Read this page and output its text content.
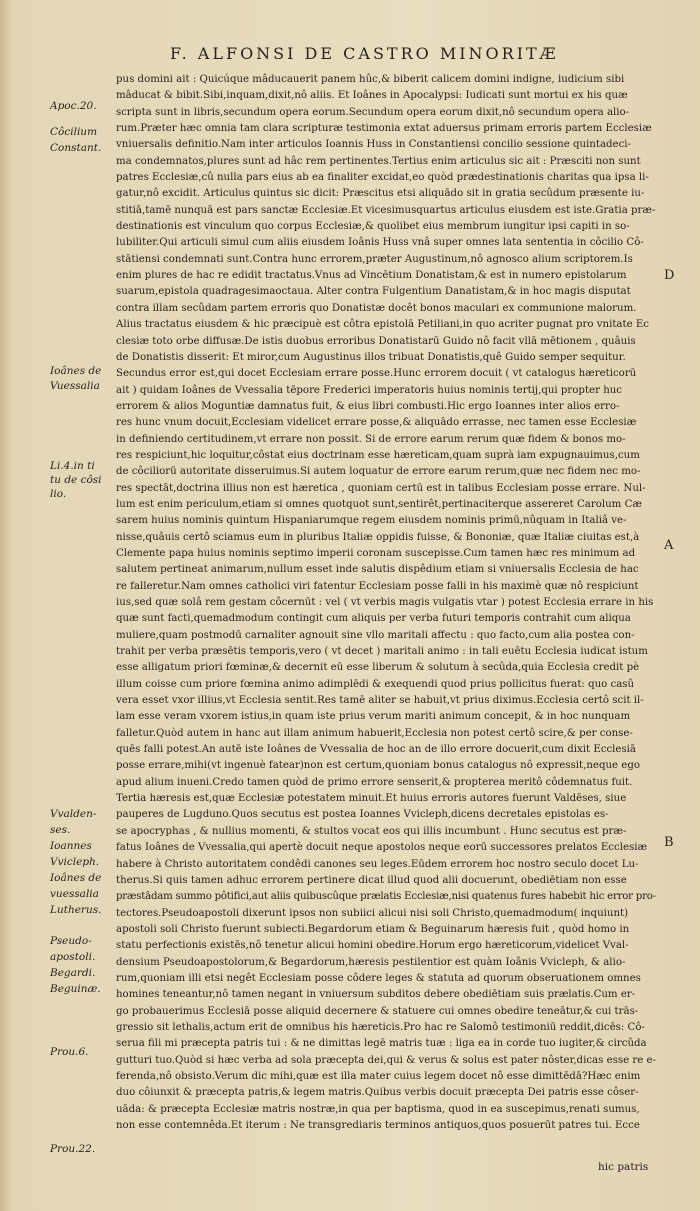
F. ALFONSI DE CASTRO MINORITÆ
pus domini ait : Quicúque mâducauerit panem hûc,& biberit calicem domini indigne, iudicium sibi
mâducat & bibit.Sibi,inquam,dixit,nô aliis. Et Ioânes in Apocalypsi: Iudicati sunt mortui ex his quæ
scripta sunt in libris,secundum opera eorum.Secundum opera eorum dixit,nô secundum opera alio-
rum.Præter hæc omnia tam clara scripturæ testimonia extat aduersus primam erroris partem Ecclesiæ
vniuersalis definitio.Nam inter articulos Ioannis Huss in Constantiensi concilio sessione quintadeci-
ma condemnatos,plures sunt ad hâc rem pertinentes.Tertius enim articulus sic ait : Præsciti non sunt
patres Ecclesiæ,cû nulla pars eius ab ea finaliter excidat,eo quòd prædestinationis charitas qua ipsa li-
gatur,nô excidit. Articulus quintus sic dicit: Præscitus etsi aliquādo sit in gratia secûdum præsente iu-
stitiā,tamē nunquā est pars sanctæ Ecclesiæ.Et vicesimusquartus articulus eiusdem est iste.Gratia præ-
destinationis est vinculum quo corpus Ecclesiæ,& quolibet eius membrum iungitur ipsi capiti in so-
lubiliter.Qui articuli simul cum aliis eiusdem Ioânis Huss vnâ super omnes lata sententia in côcilio Cô-
stātiensi condemnati sunt.Contra hunc errorem,præter Augustinum,nô agnosco alium scriptorem.Is
enim plures de hac re edidit tractatus.Vnus ad Vincētium Donatistam,& est in numero epistolarum
suarum,epistola quadragesimaoctaua. Alter contra Fulgentium Danatistam,& in hoc magis disputat
contra illam secûdam partem erroris quo Donatistæ docêt bonos maculari ex communione malorum.
Alius tractatus eiusdem & hic præcipuè est côtra epistolā Petiliani,in quo acriter pugnat pro vnitate Ec
clesiæ toto orbe diffusæ.De istis duobus erroribus Donatistarū Guido nô facit vllā mētionem , quâuis
de Donatistis disserit: Et miror,cum Augustinus illos tribuat Donatistis,quê Guido semper sequitur.
Secundus error est,qui docet Ecclesiam errare posse.Hunc errorem docuit ( vt catalogus hæreticorū
ait ) quidam Ioânes de Vvessalia tēpore Frederici imperatoris huius nominis tertij,qui propter huc
errorem & alios Moguntiæ damnatus fuit, & eius libri combusti.Hic ergo Ioannes inter alios erro-
res hunc vnum docuit,Ecclesiam videlicet errare posse,& aliquādo errasse, nec tamen esse Ecclesiæ
in definiendo certitudinem,vt errare non possit. Si de errore earum rerum quæ fidem & bonos mo-
res respiciunt,hic loquitur,côstat eius doctrinam esse hæreticam,quam suprà iam expugnauimus,cum
de côciliorū autoritate disseruimus.Si autem loquatur de errore earum rerum,quæ nec fidem nec mo-
res spectāt,doctrina illius non est hæretica , quoniam certū est in talibus Ecclesiam posse errare. Nul-
lum est enim periculum,etiam si omnes quotquot sunt,sentirêt,pertinaciterque assereret Carolum Cæ
sarem huius nominis quintum Hispaniarumque regem eiusdem nominis primū,nûquam in Italiâ ve-
nisse,quâuis certô sciamus eum in pluribus Italiæ oppidis fuisse, & Bononiæ, quæ Italiæ ciuitas est,à
Clemente papa huius nominis septimo imperii coronam suscepisse.Cum tamen hæc res minimum ad
salutem pertineat animarum,nullum esset inde salutis dispêdium etiam si vniuersalis Ecclesia de hac
re falleretur.Nam omnes catholici viri fatentur Ecclesiam posse falli in his maximè quæ nô respiciunt
ius,sed quæ solâ rem gestam côcernūt : vel ( vt verbis magis vulgatis vtar ) potest Ecclesia errare in his
quæ sunt facti,quemadmodum contingit cum aliquis per verba futuri temporis contrahit cum aliqua
muliere,quam postmodū carnaliter agnouit sine vllo maritali affectu : quo facto,cum alia postea con-
trahit per verba præsētis temporis,vero ( vt decet ) maritali animo : in tali euētu Ecclesia iudicat istum
esse alligatum priori fœminæ,& decernit eū esse liberum & solutum à secûda,quia Ecclesia credit pè
illum coisse cum priore fœmina animo adimplēdi & exequendi quod prius pollicitus fuerat: quo casû
vera esset vxor illius,vt Ecclesia sentit.Res tamē aliter se habuit,vt prius diximus.Ecclesia certô scit il-
lam esse veram vxorem istius,in quam iste prius verum mariti animum concepit, & in hoc nunquam
falletur.Quòd autem in hanc aut illam animum habuerit,Ecclesia non potest certô scire,& per conse-
quēs falli potest.An autē iste Ioânes de Vvessalia de hoc an de illo errore docuerit,cum dixit Ecclesiā
posse errare,mihi(vt ingenuè fatear)non est certum,quoniam bonus catalogus nô expressit,neque ego
apud alium inueni.Credo tamen quòd de primo errore senserit,& propterea meritô côdemnatus fuit.
Tertia hæresis est,quæ Ecclesiæ potestatem minuit.Et huius erroris autores fuerunt Valdēses, siue
pauperes de Lugduno.Quos secutus est postea Ioannes Vvicleph,dicens decretales epistolas es-
se apocryphas , & nullius momenti, & stultos vocat eos qui illis incumbunt . Hunc secutus est præ-
fatus Ioânes de Vvessalia,qui apertè docuit neque apostolos neque eorū successores prelatos Ecclesiæ
habere à Christo autoritatem condêdi canones seu leges.Eūdem errorem hoc nostro seculo docet Lu-
therus.Si quis tamen adhuc errorem pertinere dicat illud quod alii docuerunt, obediētiam non esse
præstādam summo pôtifici,aut aliis quibuscûque prælatis Ecclesiæ,nisi quatenus fures habebit hic error pro-
tectores.Pseudoapostoli dixerunt ipsos non subiici alicui nisi soli Christo,quemadmodum( inquiunt)
apostoli soli Christo fuerunt subiecti.Begardorum etiam & Beguinarum hæresis fuit , quòd homo in
statu perfectionis existēs,nô tenetur alicui homini obedire.Horum ergo hæreticorum,videlicet Vval-
densium Pseudoapostolorum,& Begardorum,hæresis pestilentior est quàm Ioânis Vvicleph, & alio-
rum,quoniam illi etsi negêt Ecclesiam posse côdere leges & statuta ad quorum obseruationem omnes
homines teneantur,nô tamen negant in vniuersum subditos debere obediētiam suis prælatis.Cum er-
go probauerimus Ecclesiā posse aliquid decernere & statuere cui omnes obedire teneātur,& cui trās-
gressio sit lethalis,actum erit de omnibus his hæreticis.Pro hac re Salomô testimoniū reddit,dicēs: Cô-
serua fili mi præcepta patris tui : & ne dimittas legē matris tuæ : liga ea in corde tuo iugiter,& circûda
gutturi tuo.Quòd si hæc verba ad sola præcepta dei,qui & verus & solus est pater nôster,dicas esse re e-
ferenda,nô obsisto.Verum dic mihi,quæ est illa mater cuius legem docet nô esse dimittēdā?Hæc enim
duo côiunxit & præcepta patris,& legem matris.Quibus verbis docuit præcepta Dei patris esse côser-
uāda: & præcepta Ecclesiæ matris nostræ,in qua per baptisma, quod in ea suscepimus,renati sumus,
non esse contemnêda.Et iterum : Ne transgrediaris terminos antiquos,quos posuerūt patres tui. Ecce
Apoc.20.
Côcilium
Constant.
Ioânes de
Vuessalia
Li.4.in ti
tu de côsi
lio.
Vvalden-
ses.
Ioannes
Vvicleph.
Ioânes de
vuessalia
Lutherus.
Pseudo-
apostoli.
Begardi.
Beguinæ.
Prou.6.
Prou.22.
D
A
B
hic patris
